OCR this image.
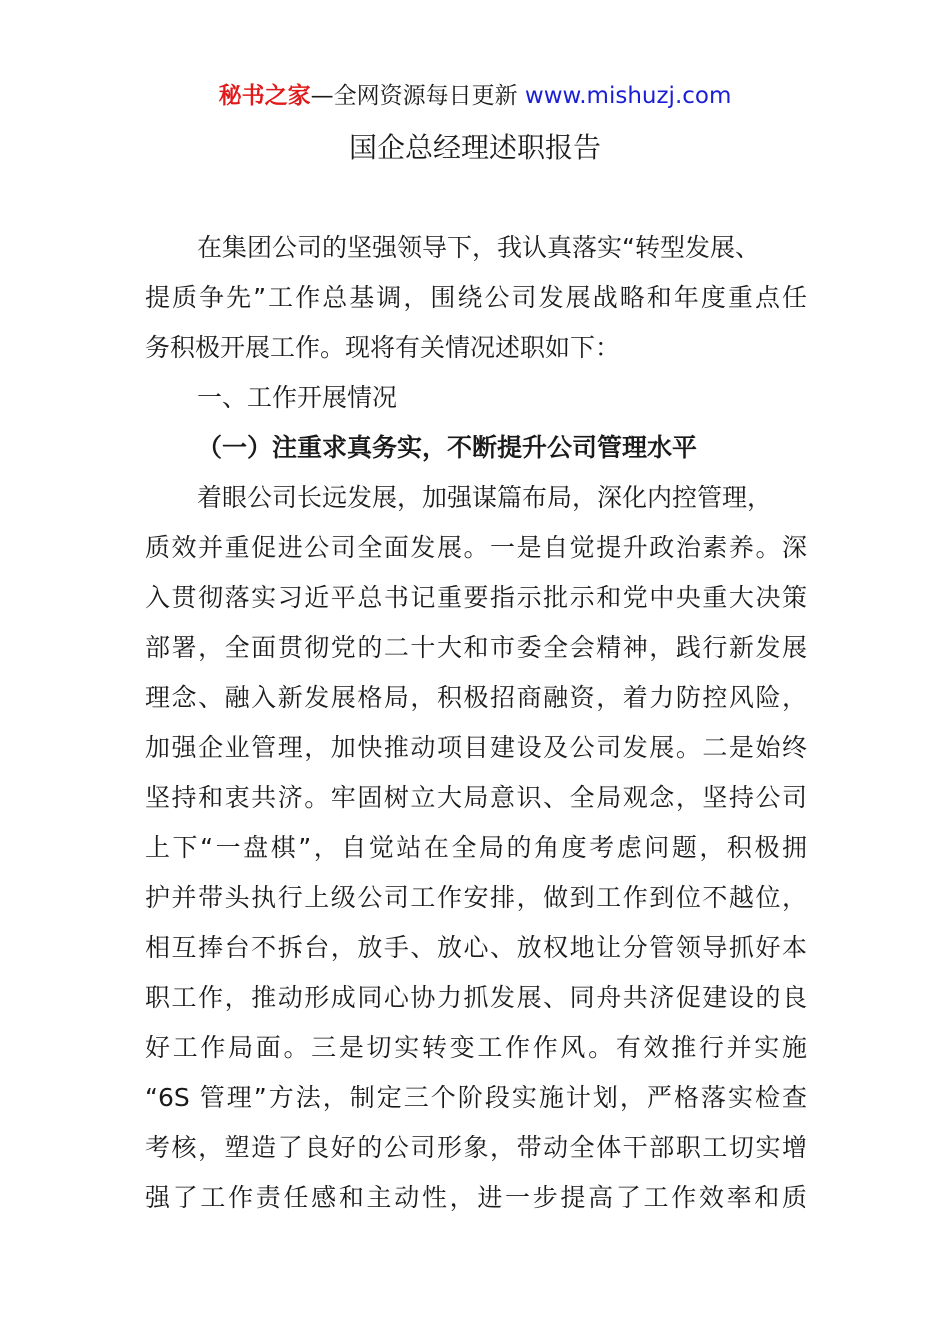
秘书之家—全网资源每日更新 www.mishuzj.com
国企总经理述职报告
在集团公司的坚强领导下，我认真落实“转型发展、
提质争先”工作总基调，围绕公司发展战略和年度重点任
务积极开展工作。现将有关情况述职如下：
一、工作开展情况
（一）注重求真务实，不断提升公司管理水平
着眼公司长远发展，加强谋篇布局，深化内控管理，
质效并重促进公司全面发展。一是自觉提升政治素养。深
入贯彻落实习近平总书记重要指示批示和党中央重大决策
部署，全面贯彻党的二十大和市委全会精神，践行新发展
理念、融入新发展格局，积极招商融资，着力防控风险，
加强企业管理，加快推动项目建设及公司发展。二是始终
坚持和衷共济。牢固树立大局意识、全局观念，坚持公司
上下“一盘棋”，自觉站在全局的角度考虑问题，积极拥
护并带头执行上级公司工作安排，做到工作到位不越位，
相互捧台不拆台，放手、放心、放权地让分管领导抓好本
职工作，推动形成同心协力抓发展、同舟共济促建设的良
好工作局面。三是切实转变工作作风。有效推行并实施
“6S 管理”方法，制定三个阶段实施计划，严格落实检查
考核，塑造了良好的公司形象，带动全体干部职工切实增
强了工作责任感和主动性，进一步提高了工作效率和质
